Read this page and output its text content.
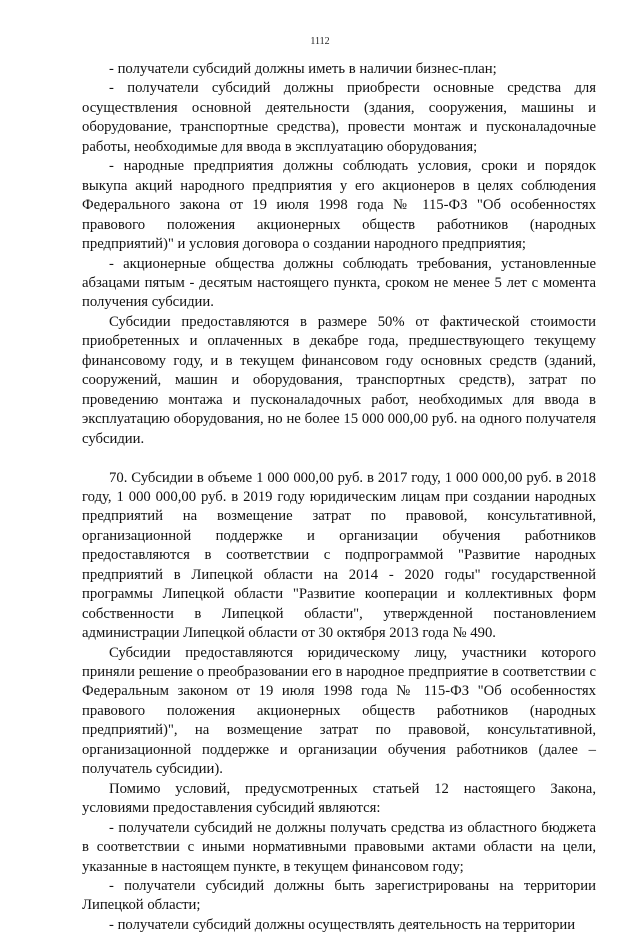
1112

- получатели субсидий должны иметь в наличии бизнес-план;

- получатели субсидий должны приобрести основные средства для осуществления основной деятельности (здания, сооружения, машины и оборудование, транспортные средства), провести монтаж и пусконаладочные работы, необходимые для ввода в эксплуатацию оборудования;

- народные предприятия должны соблюдать условия, сроки и порядок выкупа акций народного предприятия у его акционеров в целях соблюдения Федерального закона от 19 июля 1998 года № 115-ФЗ "Об особенностях правового положения акционерных обществ работников (народных предприятий)" и условия договора о создании народного предприятия;

- акционерные общества должны соблюдать требования, установленные абзацами пятым - десятым настоящего пункта, сроком не менее 5 лет с момента получения субсидии.

Субсидии предоставляются в размере 50% от фактической стоимости приобретенных и оплаченных в декабре года, предшествующего текущему финансовому году, и в текущем финансовом году основных средств (зданий, сооружений, машин и оборудования, транспортных средств), затрат по проведению монтажа и пусконаладочных работ, необходимых для ввода в эксплуатацию оборудования, но не более 15 000 000,00 руб. на одного получателя субсидии.

70. Субсидии в объеме 1 000 000,00 руб. в 2017 году, 1 000 000,00 руб. в 2018 году, 1 000 000,00 руб. в 2019 году юридическим лицам при создании народных предприятий на возмещение затрат по правовой, консультативной, организационной поддержке и организации обучения работников предоставляются в соответствии с подпрограммой "Развитие народных предприятий в Липецкой области на 2014 - 2020 годы" государственной программы Липецкой области "Развитие кооперации и коллективных форм собственности в Липецкой области", утвержденной постановлением администрации Липецкой области от 30 октября 2013 года № 490.

Субсидии предоставляются юридическому лицу, участники которого приняли решение о преобразовании его в народное предприятие в соответствии с Федеральным законом от 19 июля 1998 года № 115-ФЗ "Об особенностях правового положения акционерных обществ работников (народных предприятий)", на возмещение затрат по правовой, консультативной, организационной поддержке и организации обучения работников (далее – получатель субсидии).

Помимо условий, предусмотренных статьей 12 настоящего Закона, условиями предоставления субсидий являются:

- получатели субсидий не должны получать средства из областного бюджета в соответствии с иными нормативными правовыми актами области на цели, указанные в настоящем пункте, в текущем финансовом году;

- получатели субсидий должны быть зарегистрированы на территории Липецкой области;

- получатели субсидий должны осуществлять деятельность на территории
